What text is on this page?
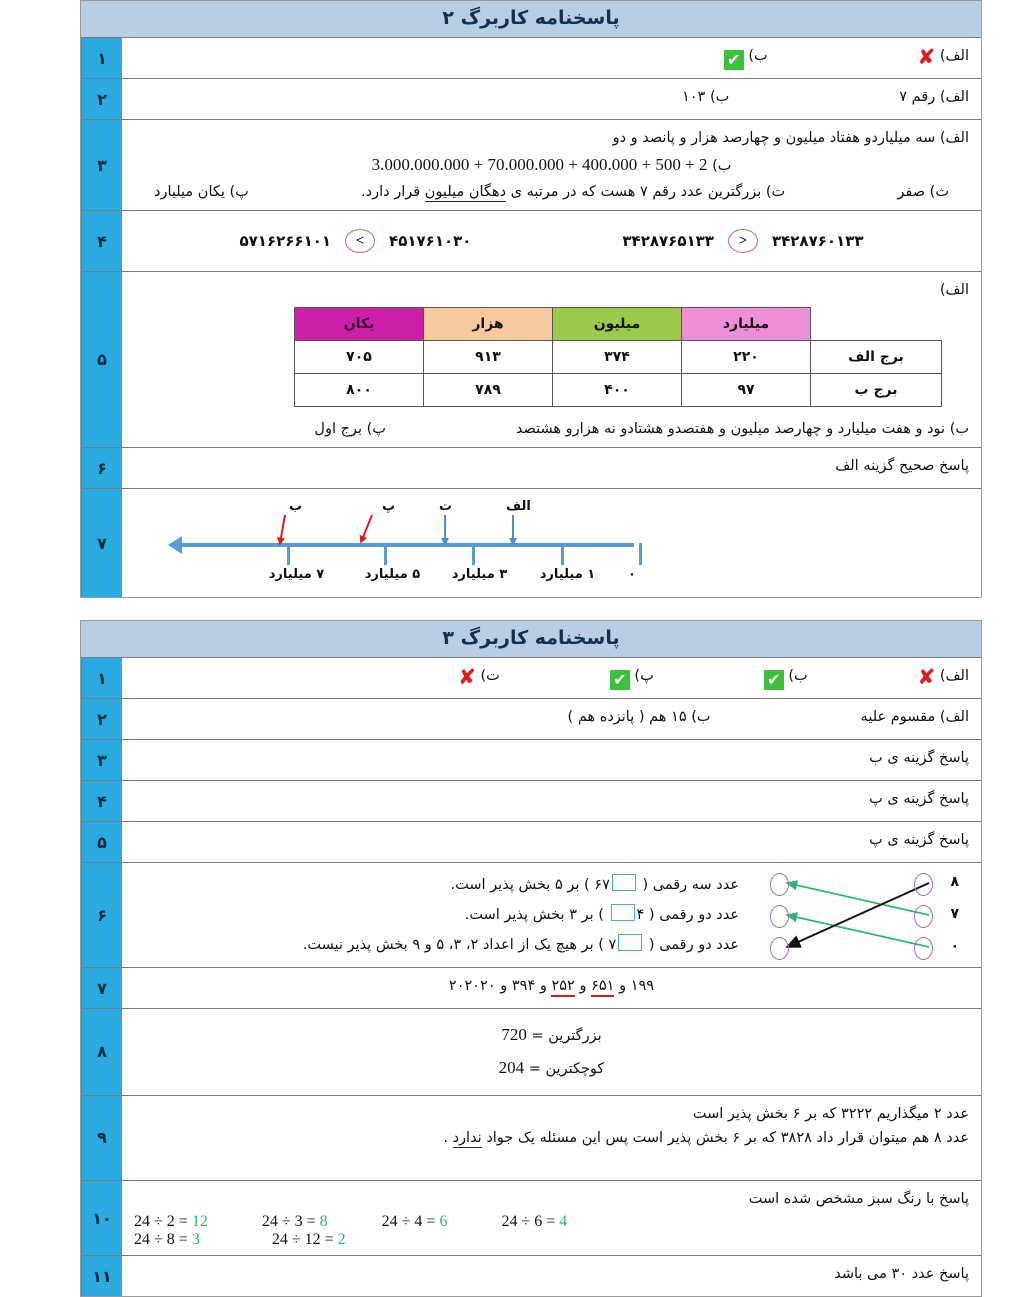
پاسخنامه کاربرگ ۲
الف) ✘
ب) ✔
۱
الف) رقم ۷
ب) ۱۰۳
۲
الف) سه میلیاردو هفتاد میلیون و چهارصد هزار و پانصد و دو
ب) 3.000.000.000 + 70.000.000 + 400.000 + 500 + 2
ث) صفر
ت) بزرگترین عدد رقم ۷ هست که در مرتبه ی دهگان میلیون قرار دارد.
پ) یکان میلیارد
۳
۳۴۲۸۷۶۰۱۳۳
<
۳۴۲۸۷۶۵۱۳۳
۴۵۱۷۶۱۰۳۰
>
۵۷۱۶۲۶۶۱۰۱
۴
الف)
	میلیارد	میلیون	هزار	یکان
برج الف	۲۲۰	۳۷۴	۹۱۳	۷۰۵
برج ب	۹۷	۴۰۰	۷۸۹	۸۰۰
ب) نود و هفت میلیارد و چهارصد میلیون و هفتصدو هشتادو نه هزارو هشتصد
پ) برج اول
۵
پاسخ صحیح گزینه الف
۶
۰
۱ میلیارد
۳ میلیارد
۵ میلیارد
۷ میلیارد
الف
ت
پ
ب
۷
پاسخنامه کاربرگ ۳
الف) ✘
ب) ✔
پ) ✔
ت) ✘
۱
الف) مقسوم علیه
ب) ۱۵ هم ( پانزده هم )
۲
پاسخ گزینه ی ب
۳
پاسخ گزینه ی پ
۴
پاسخ گزینه ی پ
۵
عدد سه رقمی ( ۶۷ ) بر ۵ بخش پذیر است.
عدد دو رقمی ( ۴ ) بر ۳ بخش پذیر است.
عدد دو رقمی ( ۷ ) بر هیچ یک از اعداد ۲، ۳، ۵ و ۹ بخش پذیر نیست.
۸
۷
۰
۶
۱۹۹ و ۶۵۱ و ۲۵۲ و ۳۹۴ و ۲۰۲۰۲۰
۷
بزرگترین = 720
کوچکترین = 204
۸
عدد ۲ میگذاریم ۳۲۲۲ که بر ۶ بخش پذیر است
عدد ۸ هم میتوان قرار داد ۳۸۲۸ که بر ۶ بخش پذیر است پس این مسئله یک جواد ندارد .
۹
پاسخ با رنگ سبز مشخص شده است
24 ÷ 2 = 12	24 ÷ 3 = 8	24 ÷ 4 = 6	24 ÷ 6 = 4
24 ÷ 8 = 3	24 ÷ 12 = 2
۱۰
پاسخ عدد ۳۰ می باشد
۱۱
